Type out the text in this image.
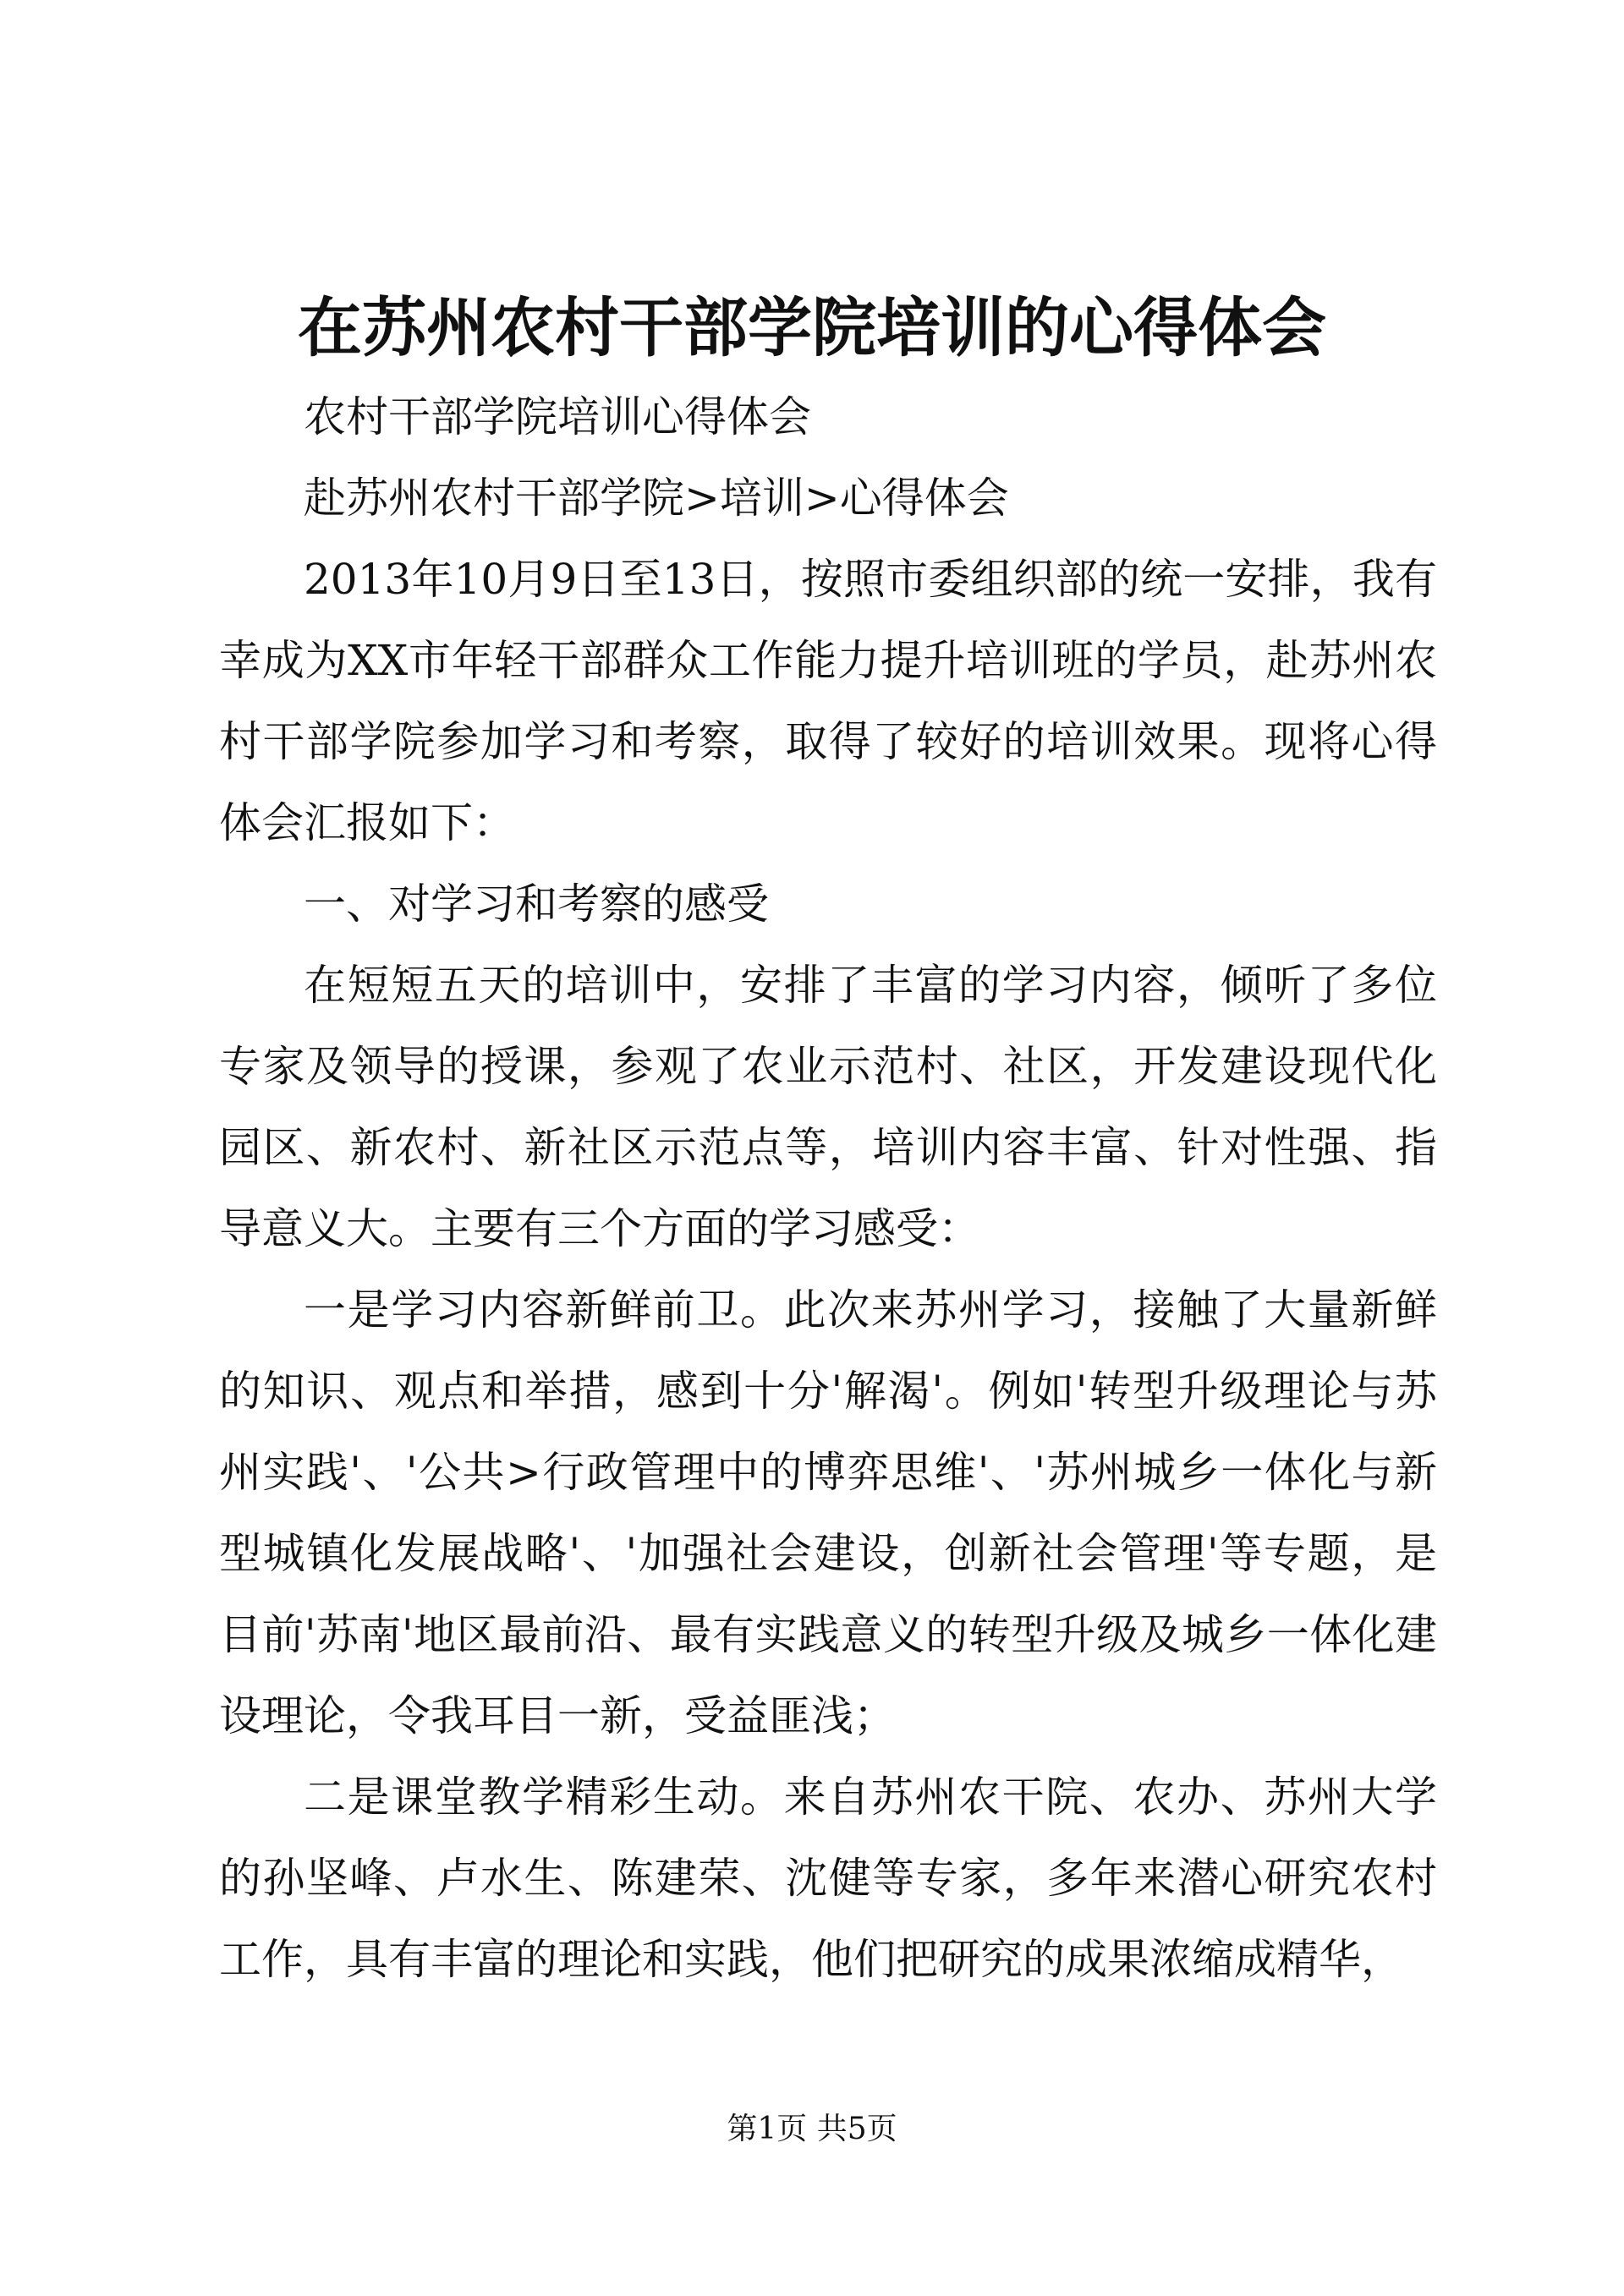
在苏州农村干部学院培训的心得体会

农村干部学院培训心得体会

赴苏州农村干部学院>培训>心得体会

2013年10月9日至13日，按照市委组织部的统一安排，我有幸成为XX市年轻干部群众工作能力提升培训班的学员，赴苏州农村干部学院参加学习和考察，取得了较好的培训效果。现将心得体会汇报如下：

一、对学习和考察的感受

在短短五天的培训中，安排了丰富的学习内容，倾听了多位专家及领导的授课，参观了农业示范村、社区，开发建设现代化园区、新农村、新社区示范点等，培训内容丰富、针对性强、指导意义大。主要有三个方面的学习感受：

一是学习内容新鲜前卫。此次来苏州学习，接触了大量新鲜的知识、观点和举措，感到十分'解渴'。例如'转型升级理论与苏州实践'、'公共>行政管理中的博弈思维'、'苏州城乡一体化与新型城镇化发展战略'、'加强社会建设，创新社会管理'等专题，是目前'苏南'地区最前沿、最有实践意义的转型升级及城乡一体化建设理论，令我耳目一新，受益匪浅；

二是课堂教学精彩生动。来自苏州农干院、农办、苏州大学的孙坚峰、卢水生、陈建荣、沈健等专家，多年来潜心研究农村工作，具有丰富的理论和实践，他们把研究的成果浓缩成精华，

第1页 共5页
